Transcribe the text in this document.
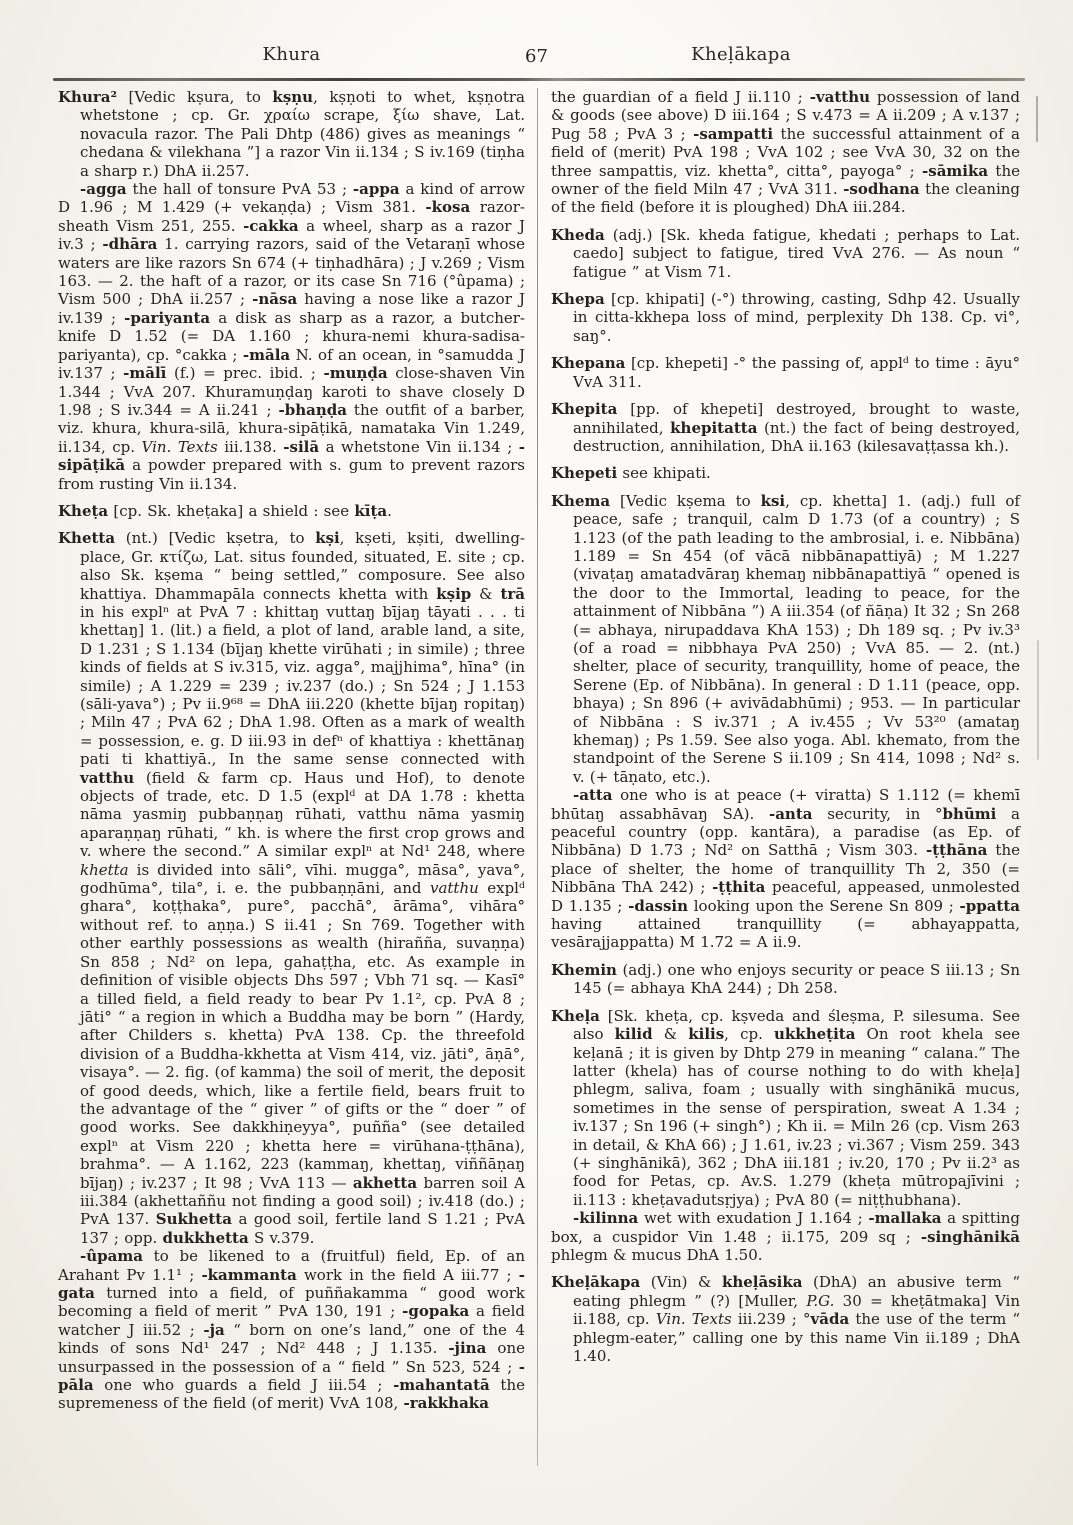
Khura	67	Kheḷākapa

Khura² [Vedic kṣura, to kṣṇu, kṣṇoti to whet, kṣṇotra whetstone ; cp. Gr. χραίω scrape, ξίω shave, Lat. novacula razor. The Pali Dhtp (486) gives as meanings “ chedana & vilekhana ”] a razor Vin ii.134 ; S iv.169 (tiṇha a sharp r.) DhA ii.257.

-agga the hall of tonsure PvA 53 ; -appa a kind of arrow D 1.96 ; M 1.429 (+ vekaṇḍa) ; Vism 381. -kosa razor-sheath Vism 251, 255. -cakka a wheel, sharp as a razor J iv.3 ; -dhāra 1. carrying razors, said of the Vetaraṇī whose waters are like razors Sn 674 (+ tiṇhadhāra) ; J v.269 ; Vism 163. — 2. the haft of a razor, or its case Sn 716 (°ûpama) ; Vism 500 ; DhA ii.257 ; -nāsa having a nose like a razor J iv.139 ; -pariyanta a disk as sharp as a razor, a butcher-knife D 1.52 (= DA 1.160 ; khura-nemi khura-sadisa-pariyanta), cp. °cakka ; -māla N. of an ocean, in °samudda J iv.137 ; -mālī (f.) = prec. ibid. ; -muṇḍa close-shaven Vin 1.344 ; VvA 207. Khuramuṇḍaŋ karoti to shave closely D 1.98 ; S iv.344 = A ii.241 ; -bhaṇḍa the outfit of a barber, viz. khura, khura-silā, khura-sipāṭikā, namataka Vin 1.249, ii.134, cp. Vin. Texts iii.138. -silā a whetstone Vin ii.134 ; -sipāṭikā a powder prepared with s. gum to prevent razors from rusting Vin ii.134.

Kheṭa [cp. Sk. kheṭaka] a shield : see kīṭa.

Khetta (nt.) [Vedic kṣetra, to kṣi, kṣeti, kṣiti, dwelling-place, Gr. κτίζω, Lat. situs founded, situated, E. site ; cp. also Sk. kṣema “ being settled,” composure. See also khattiya. Dhammapāla connects khetta with kṣip & trā in his explⁿ at PvA 7 : khittaŋ vuttaŋ bījaŋ tāyati . . . ti khettaŋ] 1. (lit.) a field, a plot of land, arable land, a site, D 1.231 ; S 1.134 (bījaŋ khette virūhati ; in simile) ; three kinds of fields at S iv.315, viz. agga°, majjhima°, hīna° (in simile) ; A 1.229 = 239 ; iv.237 (do.) ; Sn 524 ; J 1.153 (sāli-yava°) ; Pv ii.9⁶⁸ = DhA iii.220 (khette bījaŋ ropitaŋ) ; Miln 47 ; PvA 62 ; DhA 1.98. Often as a mark of wealth = possession, e. g. D iii.93 in defⁿ of khattiya : khettānaŋ pati ti khattiyā., In the same sense connected with vatthu (field & farm cp. Haus und Hof), to denote objects of trade, etc. D 1.5 (explᵈ at DA 1.78 : khetta nāma yasmiŋ pubbaṇṇaŋ rūhati, vatthu nāma yasmiŋ aparaṇṇaŋ rūhati, “ kh. is where the first crop grows and v. where the second.” A similar explⁿ at Nd¹ 248, where khetta is divided into sāli°, vīhi. mugga°, māsa°, yava°, godhūma°, tila°, i. e. the pubbaṇṇāni, and vatthu explᵈ ghara°, koṭṭhaka°, pure°, pacchā°, ārāma°, vihāra° without ref. to aṇṇa.) S ii.41 ; Sn 769. Together with other earthly possessions as wealth (hirañña, suvaṇṇa) Sn 858 ; Nd² on lepa, gahaṭṭha, etc. As example in definition of visible objects Dhs 597 ; Vbh 71 sq. — Kasī° a tilled field, a field ready to bear Pv 1.1², cp. PvA 8 ; jāti° “ a region in which a Buddha may be born ” (Hardy, after Childers s. khetta) PvA 138. Cp. the threefold division of a Buddha-kkhetta at Vism 414, viz. jāti°, āṇā°, visaya°. — 2. fig. (of kamma) the soil of merit, the deposit of good deeds, which, like a fertile field, bears fruit to the advantage of the “ giver ” of gifts or the “ doer ” of good works. See dakkhiṇeyya°, puñña° (see detailed explⁿ at Vism 220 ; khetta here = virūhana-ṭṭhāna), brahma°. — A 1.162, 223 (kammaŋ, khettaŋ, viññāṇaŋ bījaŋ) ; iv.237 ; It 98 ; VvA 113 — akhetta barren soil A iii.384 (akhettaññu not finding a good soil) ; iv.418 (do.) ; PvA 137. Sukhetta a good soil, fertile land S 1.21 ; PvA 137 ; opp. dukkhetta S v.379.

-ûpama to be likened to a (fruitful) field, Ep. of an Arahant Pv 1.1¹ ; -kammanta work in the field A iii.77 ; -gata turned into a field, of puññakamma “ good work becoming a field of merit ” PvA 130, 191 ; -gopaka a field watcher J iii.52 ; -ja “ born on one’s land,” one of the 4 kinds of sons Nd¹ 247 ; Nd² 448 ; J 1.135. -jina one unsurpassed in the possession of a “ field ” Sn 523, 524 ; -pāla one who guards a field J iii.54 ; -mahantatā the supremeness of the field (of merit) VvA 108, -rakkhaka

the guardian of a field J ii.110 ; -vatthu possession of land & goods (see above) D iii.164 ; S v.473 = A ii.209 ; A v.137 ; Pug 58 ; PvA 3 ; -sampatti the successful attainment of a field of (merit) PvA 198 ; VvA 102 ; see VvA 30, 32 on the three sampattis, viz. khetta°, citta°, payoga° ; -sāmika the owner of the field Miln 47 ; VvA 311. -sodhana the cleaning of the field (before it is ploughed) DhA iii.284.

Kheda (adj.) [Sk. kheda fatigue, khedati ; perhaps to Lat. caedo] subject to fatigue, tired VvA 276. — As noun “ fatigue ” at Vism 71.

Khepa [cp. khipati] (-°) throwing, casting, Sdhp 42. Usually in citta-kkhepa loss of mind, perplexity Dh 138. Cp. vi°, saŋ°.

Khepana [cp. khepeti] -° the passing of, applᵈ to time : āyu° VvA 311.

Khepita [pp. of khepeti] destroyed, brought to waste, annihilated, khepitatta (nt.) the fact of being destroyed, destruction, annihilation, DhA ii.163 (kilesavaṭṭassa kh.).

Khepeti see khipati.

Khema [Vedic kṣema to ksi, cp. khetta] 1. (adj.) full of peace, safe ; tranquil, calm D 1.73 (of a country) ; S 1.123 (of the path leading to the ambrosial, i. e. Nibbāna) 1.189 = Sn 454 (of vācā nibbānapattiyā) ; M 1.227 (vivaṭaŋ amatadvāraŋ khemaŋ nibbānapattiyā “ opened is the door to the Immortal, leading to peace, for the attainment of Nibbāna ”) A iii.354 (of ñāṇa) It 32 ; Sn 268 (= abhaya, nirupaddava KhA 153) ; Dh 189 sq. ; Pv iv.3³ (of a road = nibbhaya PvA 250) ; VvA 85. — 2. (nt.) shelter, place of security, tranquillity, home of peace, the Serene (Ep. of Nibbāna). In general : D 1.11 (peace, opp. bhaya) ; Sn 896 (+ avivādabhūmi) ; 953. — In particular of Nibbāna : S iv.371 ; A iv.455 ; Vv 53²⁰ (amataŋ khemaŋ) ; Ps 1.59. See also yoga. Abl. khemato, from the standpoint of the Serene S ii.109 ; Sn 414, 1098 ; Nd² s. v. (+ tāṇato, etc.).

-atta one who is at peace (+ viratta) S 1.112 (= khemī bhūtaŋ assabhāvaŋ SA). -anta security, in °bhūmi a peaceful country (opp. kantāra), a paradise (as Ep. of Nibbāna) D 1.73 ; Nd² on Satthā ; Vism 303. -ṭṭhāna the place of shelter, the home of tranquillity Th 2, 350 (= Nibbāna ThA 242) ; -ṭṭhita peaceful, appeased, unmolested D 1.135 ; -dassin looking upon the Serene Sn 809 ; -ppatta having attained tranquillity (= abhayappatta, vesārajjappatta) M 1.72 = A ii.9.

Khemin (adj.) one who enjoys security or peace S iii.13 ; Sn 145 (= abhaya KhA 244) ; Dh 258.

Kheḷa [Sk. kheṭa, cp. kṣveda and śleṣma, P. silesuma. See also kilid & kilis, cp. ukkheṭita On root khela see keḷanā ; it is given by Dhtp 279 in meaning “ calana.” The latter (khela) has of course nothing to do with kheḷa] phlegm, saliva, foam ; usually with singhānikā mucus, sometimes in the sense of perspiration, sweat A 1.34 ; iv.137 ; Sn 196 (+ singh°) ; Kh ii. = Miln 26 (cp. Vism 263 in detail, & KhA 66) ; J 1.61, iv.23 ; vi.367 ; Vism 259. 343 (+ singhānikā), 362 ; DhA iii.181 ; iv.20, 170 ; Pv ii.2³ as food for Petas, cp. Av.S. 1.279 (kheṭa mūtropajīvini ; ii.113 : kheṭavadutsṛjya) ; PvA 80 (= niṭṭhubhana).

-kilinna wet with exudation J 1.164 ; -mallaka a spitting box, a cuspidor Vin 1.48 ; ii.175, 209 sq ; -singhānikā phlegm & mucus DhA 1.50.

Kheḷākapa (Vin) & kheḷāsika (DhA) an abusive term “ eating phlegm ” (?) [Muller, P.G. 30 = kheṭātmaka] Vin ii.188, cp. Vin. Texts iii.239 ; °vāda the use of the term “ phlegm-eater,” calling one by this name Vin ii.189 ; DhA 1.40.
